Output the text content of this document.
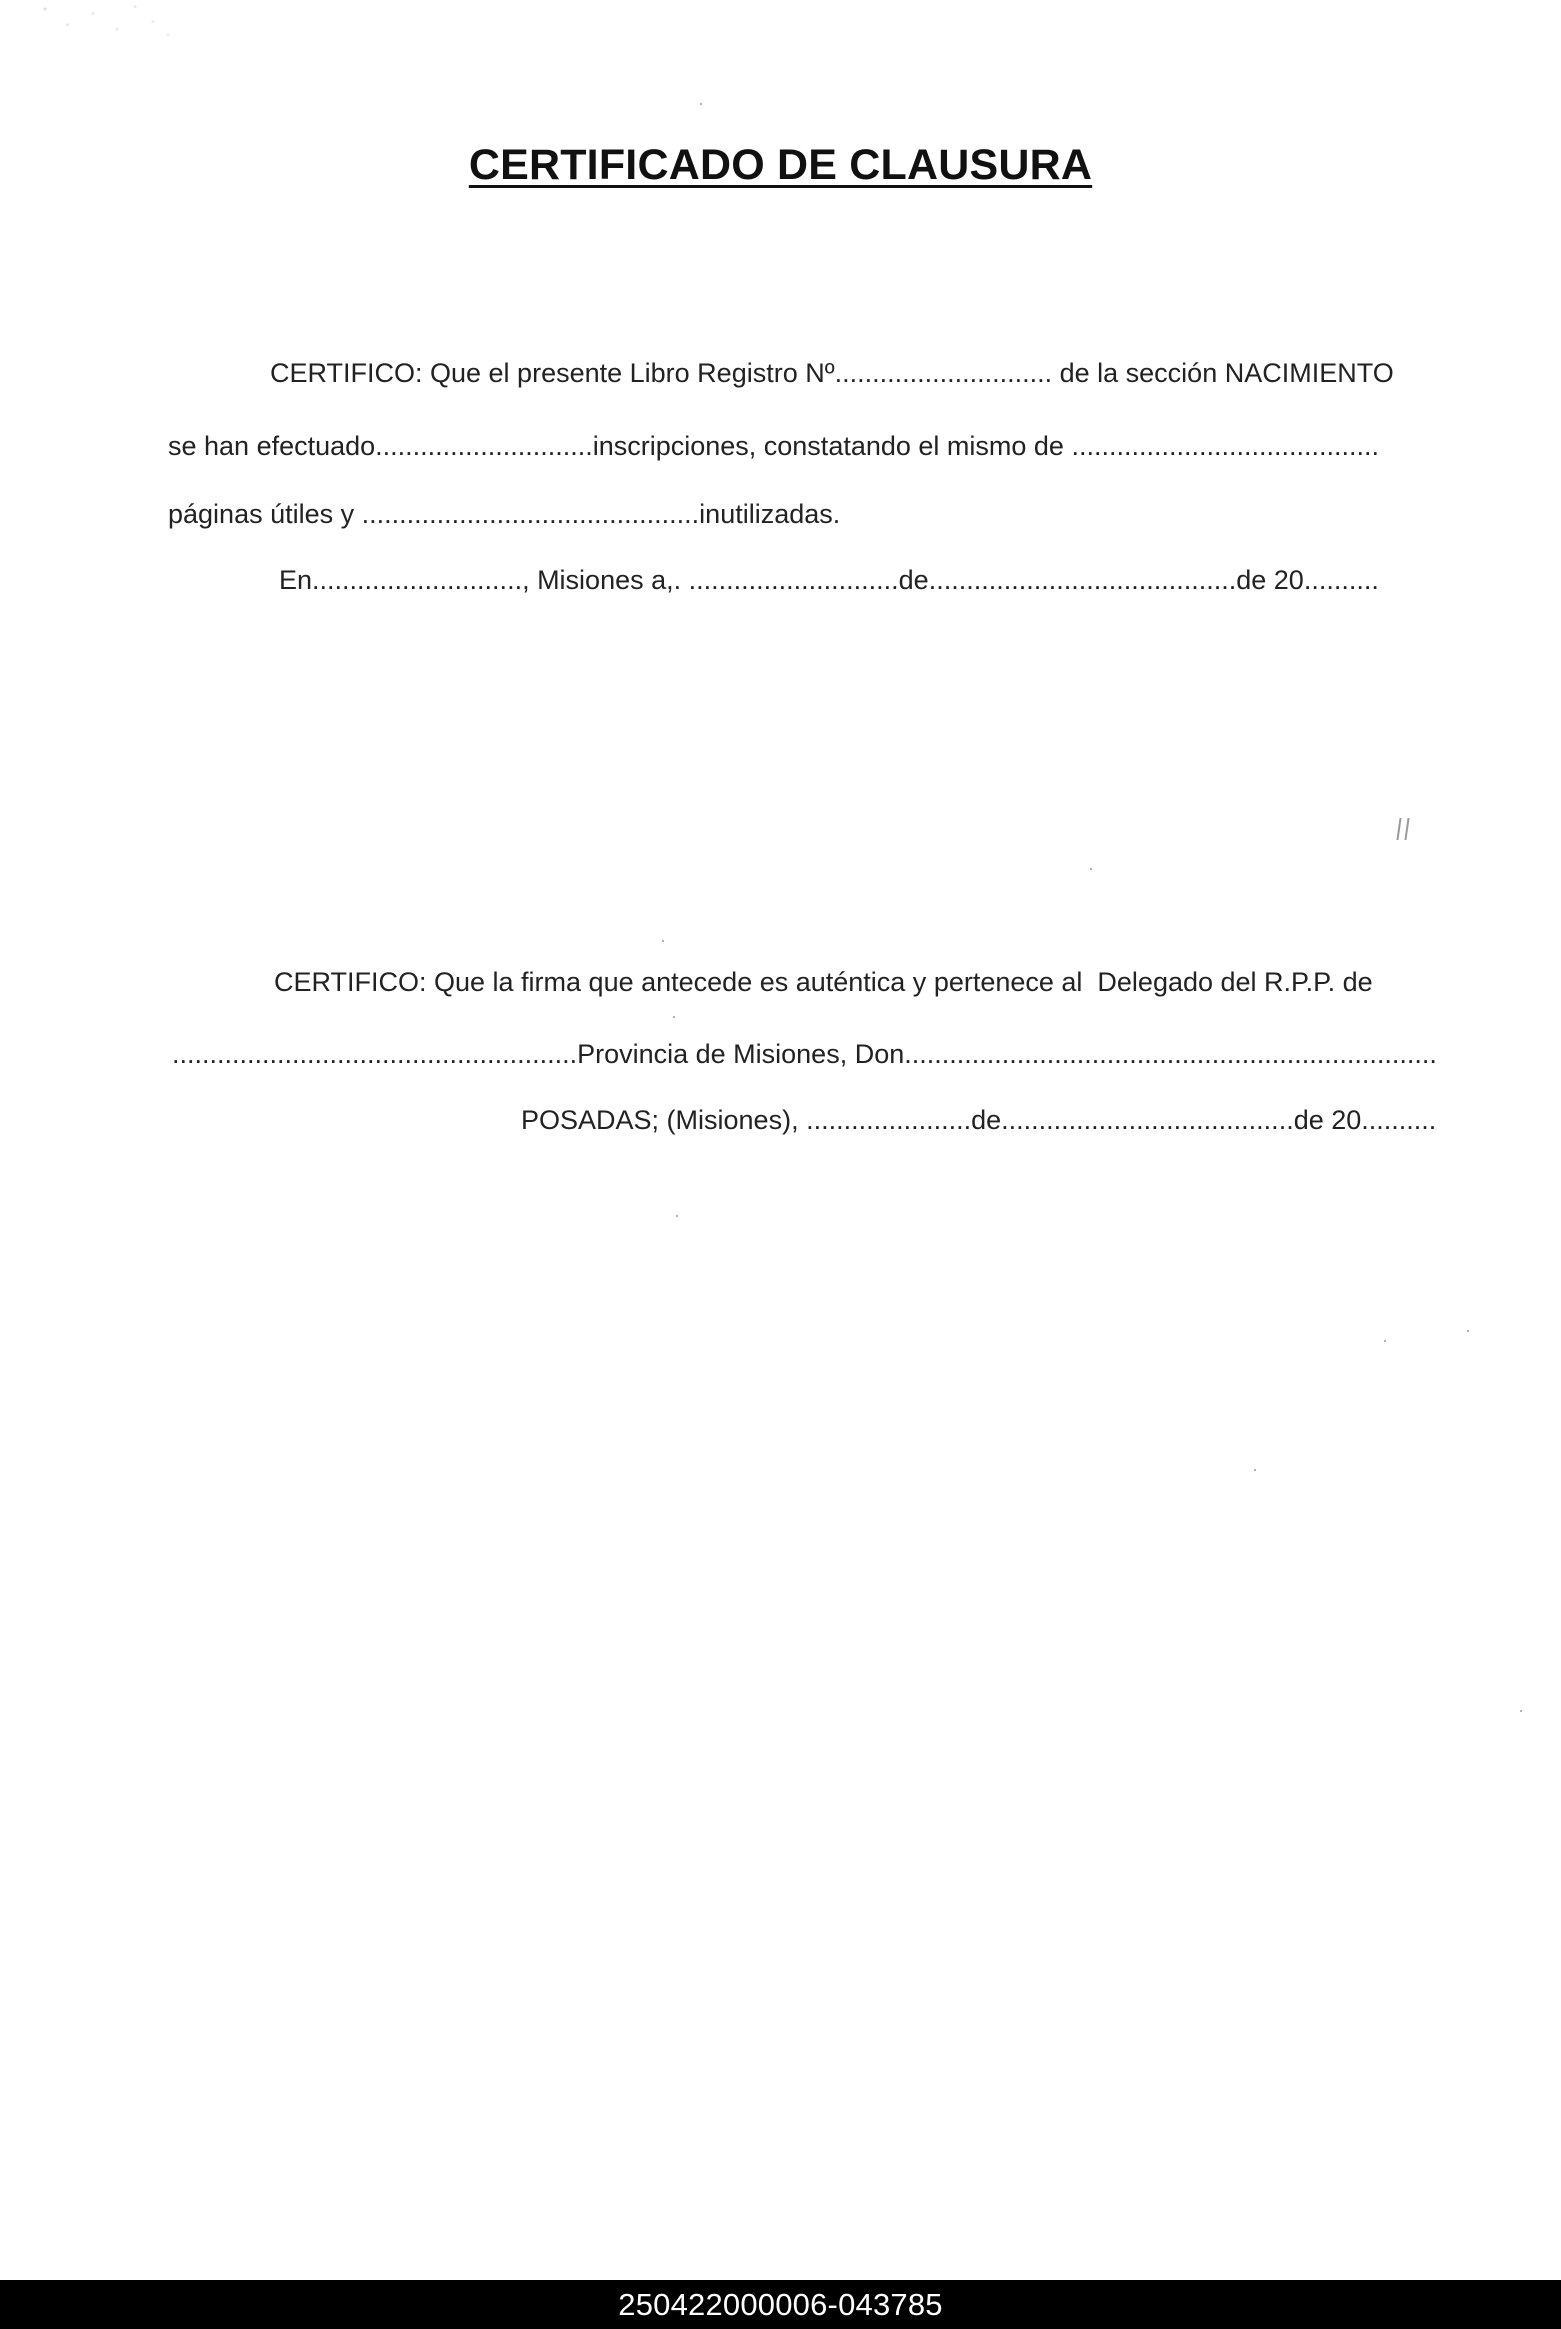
CERTIFICADO DE CLAUSURA
CERTIFICO: Que el presente Libro Registro Nº............................. de la sección NACIMIENTO
se han efectuado.............................inscripciones, constatando el mismo de .........................................
páginas útiles y .............................................inutilizadas.
En............................, Misiones a,. ............................de.........................................de 20..........
CERTIFICO: Que la firma que antecede es auténtica y pertenece al  Delegado del R.P.P. de
......................................................Provincia de Misiones, Don.......................................................................
POSADAS; (Misiones), ......................de.......................................de 20..........
250422000006-043785
